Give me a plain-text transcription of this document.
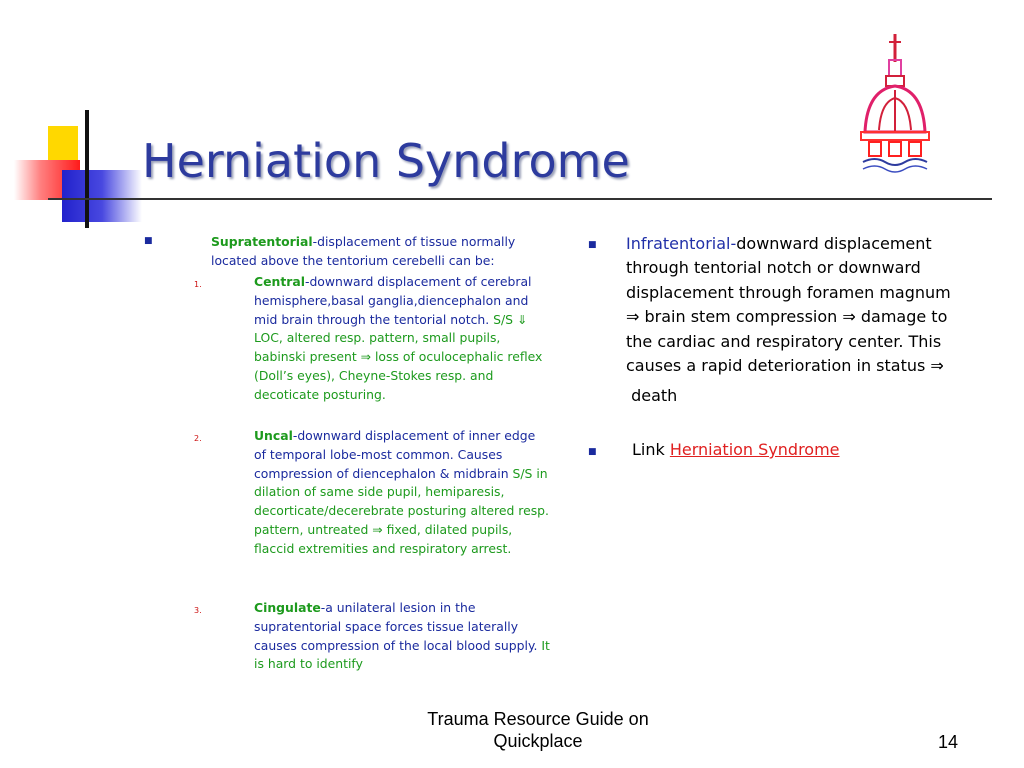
Herniation Syndrome
■	Supratentorial-displacement of tissue normally located above the tentorium cerebelli can be:
1.	Central-downward displacement of cerebral hemisphere,basal ganglia,diencephalon and mid brain through the tentorial notch. S/S ⇓ LOC, altered resp. pattern, small pupils, babinski present ⇒ loss of oculocephalic reflex (Doll’s eyes), Cheyne-Stokes resp. and decoticate posturing.
2.	Uncal-downward displacement of inner edge of temporal lobe-most common. Causes compression of diencephalon & midbrain S/S in dilation of same side pupil, hemiparesis, decorticate/decerebrate posturing altered resp. pattern, untreated ⇒ fixed, dilated pupils, flaccid extremities and respiratory arrest.
3.	Cingulate-a unilateral lesion in the supratentorial space forces tissue laterally causes compression of the local blood supply. It is hard to identify
■ Infratentorial-downward displacement
through tentorial notch or downward
displacement through foramen magnum
⇒ brain stem compression ⇒ damage to
the cardiac and respiratory center. This
causes a rapid deterioration in status ⇒
death
■ Link Herniation Syndrome
Trauma Resource Guide on
Quickplace	14
